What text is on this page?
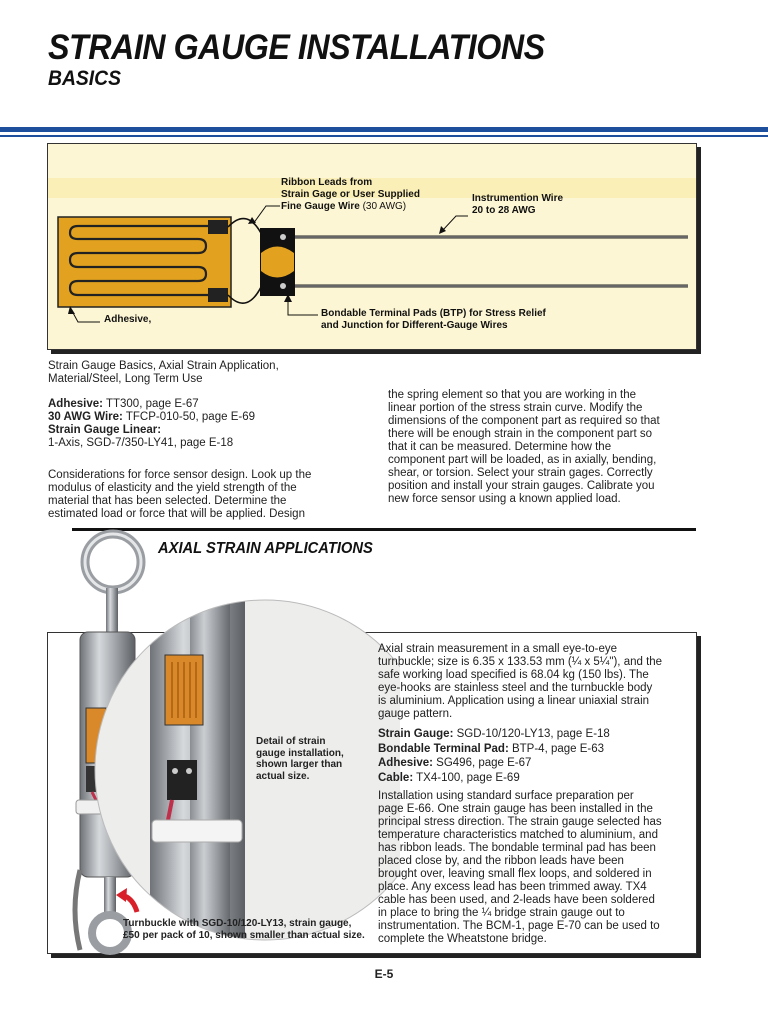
STRAIN GAUGE INSTALLATIONS
BASICS
Ribbon Leads from
Strain Gage or User Supplied
Fine Gauge Wire (30 AWG)
Instrumention Wire
20 to 28 AWG
Adhesive,
Bondable Terminal Pads (BTP) for Stress Relief
and Junction for Different-Gauge Wires
Strain Gauge Basics, Axial Strain Application,
Material/Steel, Long Term Use
Adhesive: TT300, page E-67
30 AWG Wire: TFCP-010-50, page E-69
Strain Gauge Linear:
1-Axis, SGD-7/350-LY41, page E-18
Considerations for force sensor design. Look up the
modulus of elasticity and the yield strength of the
material that has been selected. Determine the
estimated load or force that will be applied. Design
the spring element so that you are working in the
linear portion of the stress strain curve. Modify the
dimensions of the component part as required so that
there will be enough strain in the component part so
that it can be measured. Determine how the
component part will be loaded, as in axially, bending,
shear, or torsion. Select your strain gages. Correctly
position and install your strain gauges. Calibrate you
new force sensor using a known applied load.
AXIAL STRAIN APPLICATIONS
Detail of strain
gauge installation,
shown larger than
actual size.
Turnbuckle with SGD-10/120-LY13, strain gauge,
£50 per pack of 10, shown smaller than actual size.
Axial strain measurement in a small eye-to-eye
turnbuckle; size is 6.35 x 133.53 mm (¼ x 5¼"), and the
safe working load specified is 68.04 kg (150 lbs). The
eye-hooks are stainless steel and the turnbuckle body
is aluminium. Application using a linear uniaxial strain
gauge pattern.
Strain Gauge: SGD-10/120-LY13, page E-18
Bondable Terminal Pad: BTP-4, page E-63
Adhesive: SG496, page E-67
Cable: TX4-100, page E-69
Installation using standard surface preparation per
page E-66. One strain gauge has been installed in the
principal stress direction. The strain gauge selected has
temperature characteristics matched to aluminium, and
has ribbon leads. The bondable terminal pad has been
placed close by, and the ribbon leads have been
brought over, leaving small flex loops, and soldered in
place. Any excess lead has been trimmed away. TX4
cable has been used, and 2-leads have been soldered
in place to bring the ¼ bridge strain gauge out to
instrumentation. The BCM-1, page E-70 can be used to
complete the Wheatstone bridge.
E-5
